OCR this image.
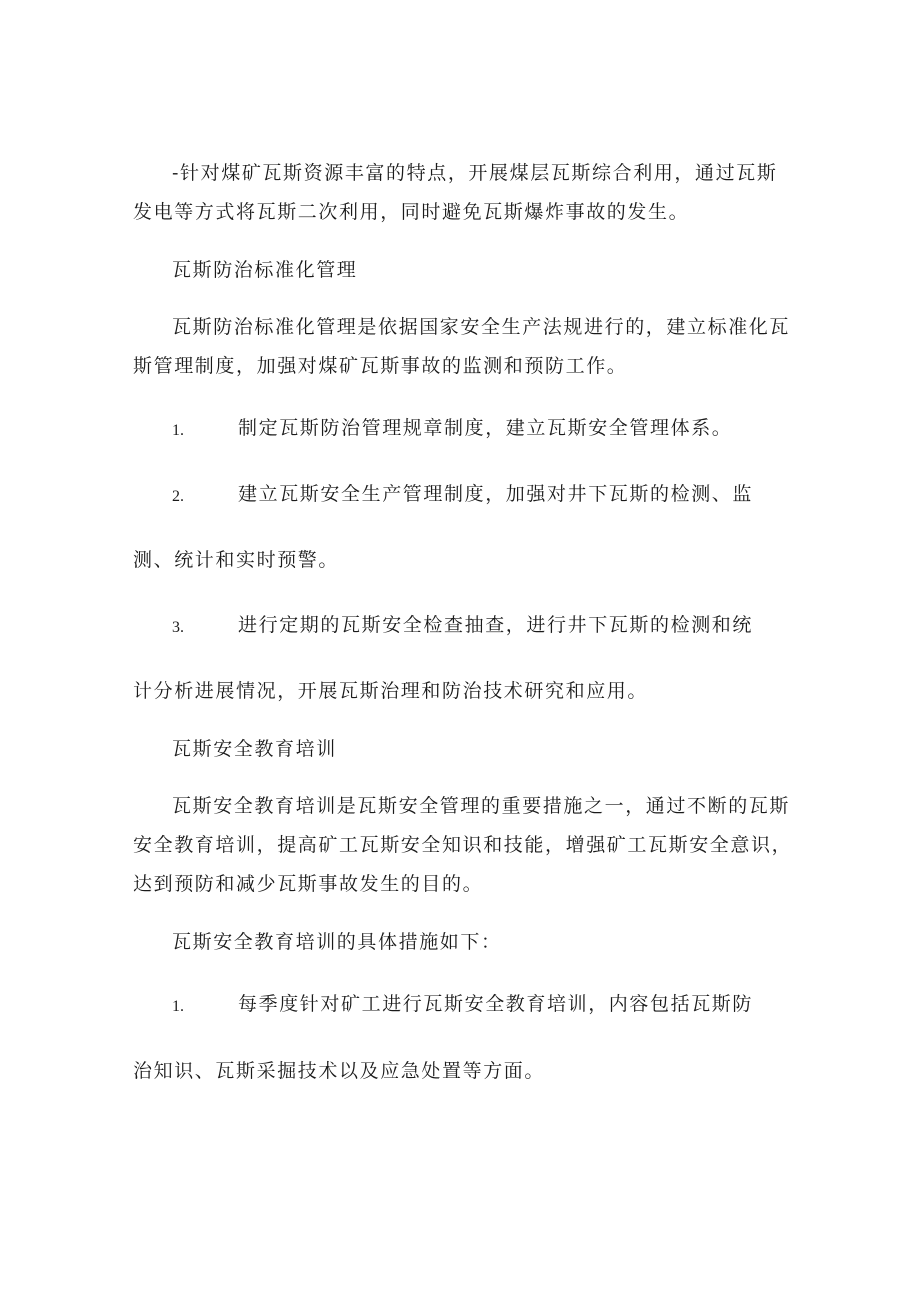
-针对煤矿瓦斯资源丰富的特点，开展煤层瓦斯综合利用，通过瓦斯

发电等方式将瓦斯二次利用，同时避免瓦斯爆炸事故的发生。

瓦斯防治标准化管理

瓦斯防治标准化管理是依据国家安全生产法规进行的，建立标准化瓦

斯管理制度，加强对煤矿瓦斯事故的监测和预防工作。

1.	制定瓦斯防治管理规章制度，建立瓦斯安全管理体系。

2.	建立瓦斯安全生产管理制度，加强对井下瓦斯的检测、监

测、统计和实时预警。

3.	进行定期的瓦斯安全检查抽查，进行井下瓦斯的检测和统

计分析进展情况，开展瓦斯治理和防治技术研究和应用。

瓦斯安全教育培训

瓦斯安全教育培训是瓦斯安全管理的重要措施之一，通过不断的瓦斯

安全教育培训，提高矿工瓦斯安全知识和技能，增强矿工瓦斯安全意识，

达到预防和减少瓦斯事故发生的目的。

瓦斯安全教育培训的具体措施如下：

1.	每季度针对矿工进行瓦斯安全教育培训，内容包括瓦斯防

治知识、瓦斯采掘技术以及应急处置等方面。
